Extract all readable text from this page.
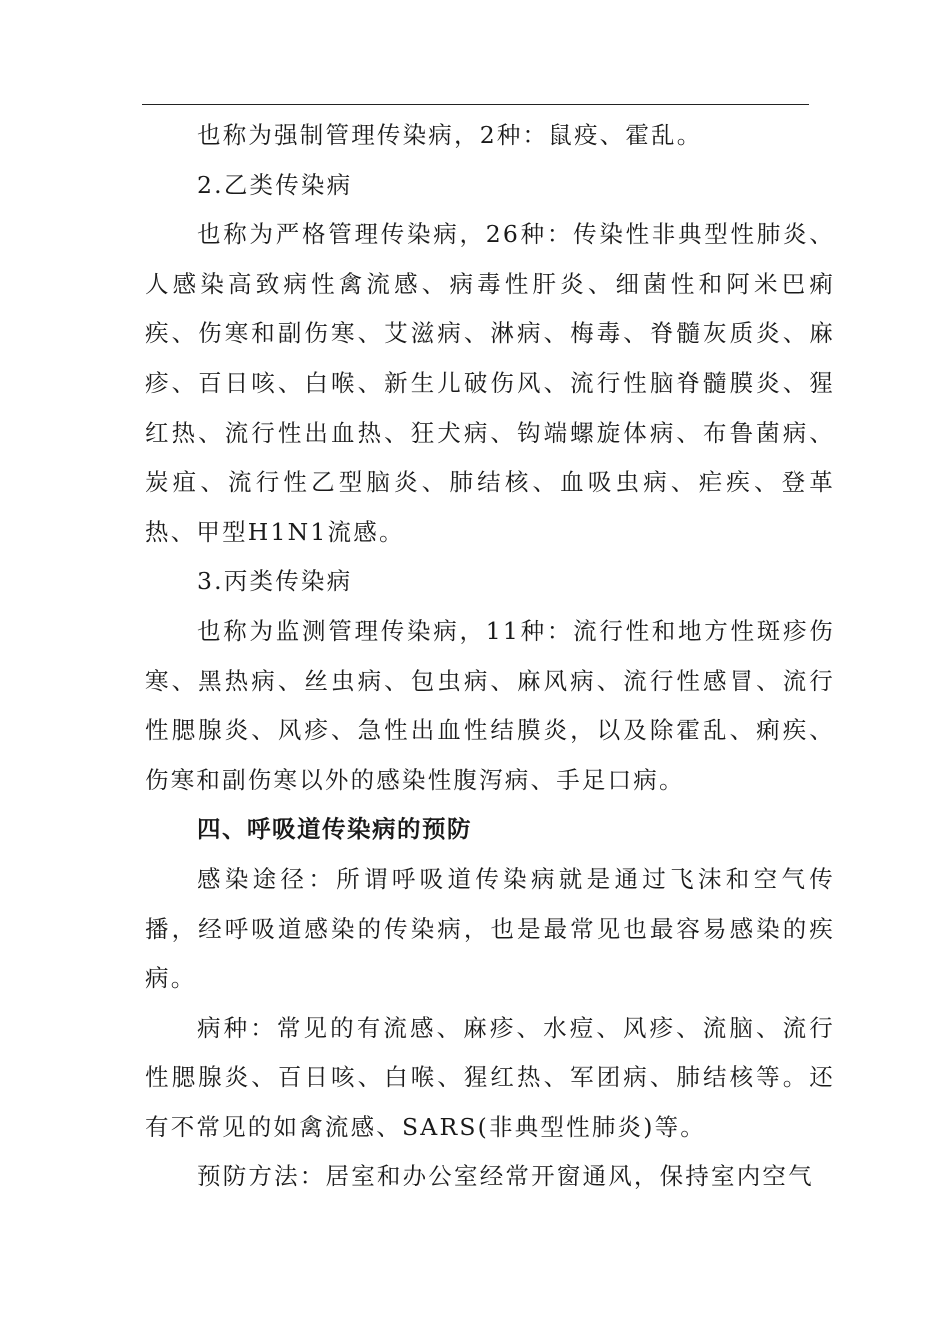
也称为强制管理传染病，2种：鼠疫、霍乱。

2.乙类传染病

也称为严格管理传染病，26种：传染性非典型性肺炎、人感染高致病性禽流感、病毒性肝炎、细菌性和阿米巴痢疾、伤寒和副伤寒、艾滋病、淋病、梅毒、脊髓灰质炎、麻疹、百日咳、白喉、新生儿破伤风、流行性脑脊髓膜炎、猩红热、流行性出血热、狂犬病、钩端螺旋体病、布鲁菌病、炭疽、流行性乙型脑炎、肺结核、血吸虫病、疟疾、登革热、甲型H1N1流感。

3.丙类传染病

也称为监测管理传染病，11种：流行性和地方性斑疹伤寒、黑热病、丝虫病、包虫病、麻风病、流行性感冒、流行性腮腺炎、风疹、急性出血性结膜炎，以及除霍乱、痢疾、伤寒和副伤寒以外的感染性腹泻病、手足口病。

四、呼吸道传染病的预防

感染途径：所谓呼吸道传染病就是通过飞沫和空气传播，经呼吸道感染的传染病，也是最常见也最容易感染的疾病。

病种：常见的有流感、麻疹、水痘、风疹、流脑、流行性腮腺炎、百日咳、白喉、猩红热、军团病、肺结核等。还有不常见的如禽流感、SARS(非典型性肺炎)等。

预防方法：居室和办公室经常开窗通风，保持室内空气
